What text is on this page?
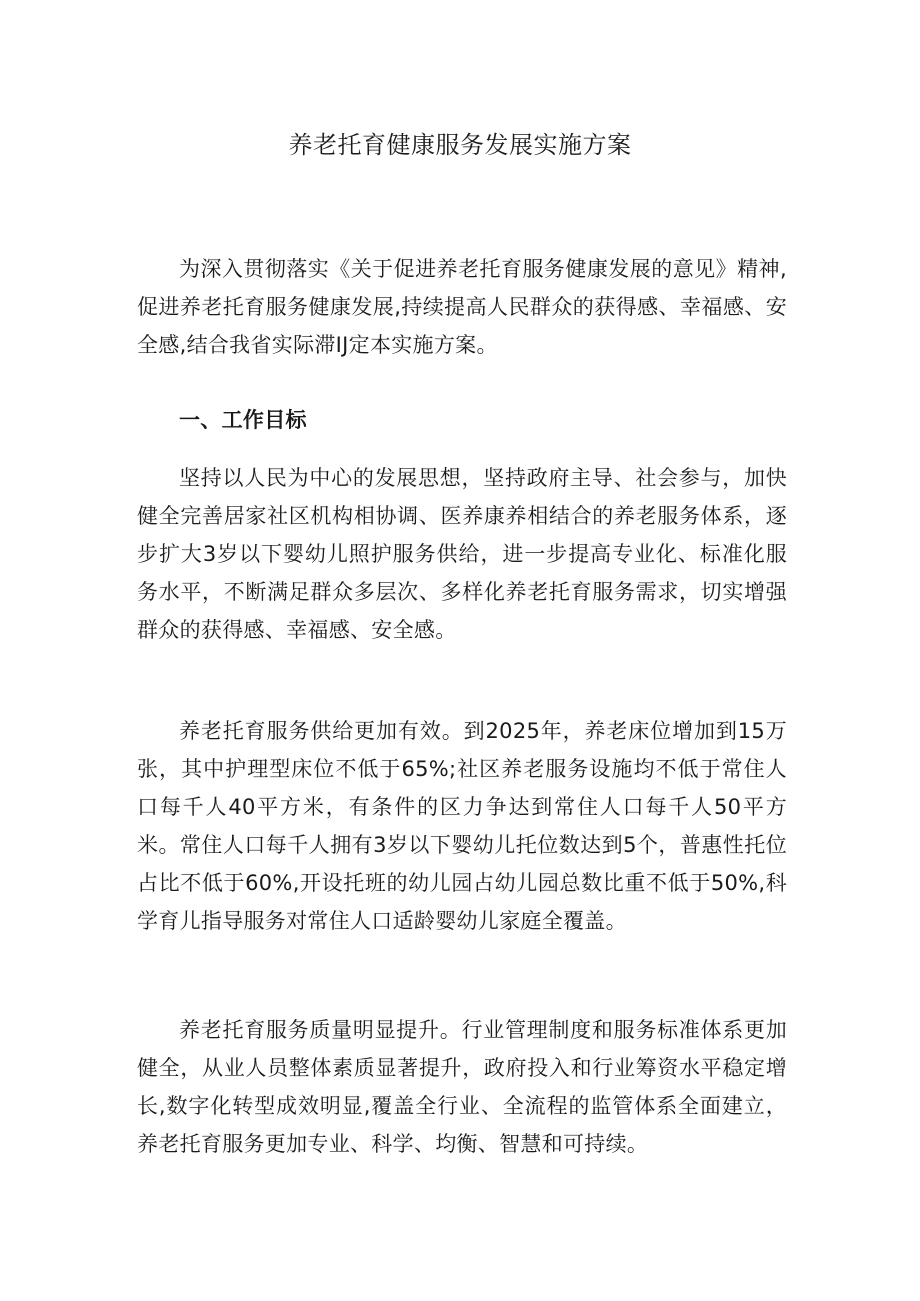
养老托育健康服务发展实施方案

为深入贯彻落实《关于促进养老托育服务健康发展的意见》精神,促进养老托育服务健康发展,持续提高人民群众的获得感、幸福感、安全感,结合我省实际滞IJ定本实施方案。

一、工作目标

坚持以人民为中心的发展思想，坚持政府主导、社会参与，加快健全完善居家社区机构相协调、医养康养相结合的养老服务体系，逐步扩大3岁以下婴幼儿照护服务供给，进一步提高专业化、标准化服务水平，不断满足群众多层次、多样化养老托育服务需求，切实增强群众的获得感、幸福感、安全感。

养老托育服务供给更加有效。到2025年，养老床位增加到15万张，其中护理型床位不低于65%;社区养老服务设施均不低于常住人口每千人40平方米，有条件的区力争达到常住人口每千人50平方米。常住人口每千人拥有3岁以下婴幼儿托位数达到5个，普惠性托位占比不低于60%,开设托班的幼儿园占幼儿园总数比重不低于50%,科学育儿指导服务对常住人口适龄婴幼儿家庭全覆盖。

养老托育服务质量明显提升。行业管理制度和服务标准体系更加健全，从业人员整体素质显著提升，政府投入和行业筹资水平稳定增长,数字化转型成效明显,覆盖全行业、全流程的监管体系全面建立，养老托育服务更加专业、科学、均衡、智慧和可持续。
